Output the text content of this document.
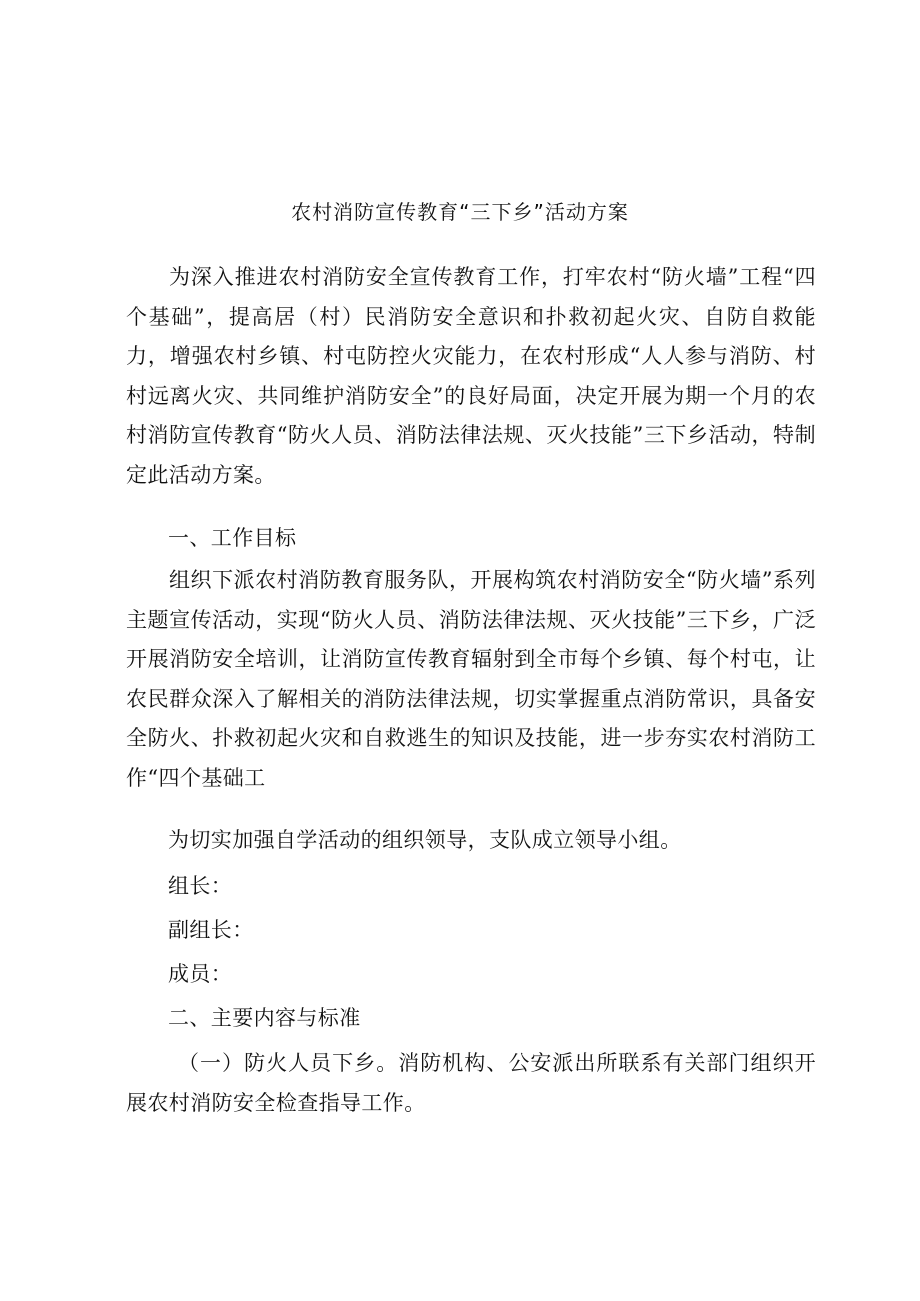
农村消防宣传教育“三下乡”活动方案

为深入推进农村消防安全宣传教育工作，打牢农村“防火墙”工程“四个基础”，提高居（村）民消防安全意识和扑救初起火灾、自防自救能力，增强农村乡镇、村屯防控火灾能力，在农村形成“人人参与消防、村村远离火灾、共同维护消防安全”的良好局面，决定开展为期一个月的农村消防宣传教育“防火人员、消防法律法规、灭火技能”三下乡活动，特制定此活动方案。

一、工作目标

组织下派农村消防教育服务队，开展构筑农村消防安全“防火墙”系列主题宣传活动，实现“防火人员、消防法律法规、灭火技能”三下乡，广泛开展消防安全培训，让消防宣传教育辐射到全市每个乡镇、每个村屯，让农民群众深入了解相关的消防法律法规，切实掌握重点消防常识，具备安全防火、扑救初起火灾和自救逃生的知识及技能，进一步夯实农村消防工作“四个基础工

为切实加强自学活动的组织领导，支队成立领导小组。

组长：

副组长：

成员：

二、主要内容与标准

（一）防火人员下乡。消防机构、公安派出所联系有关部门组织开展农村消防安全检查指导工作。
